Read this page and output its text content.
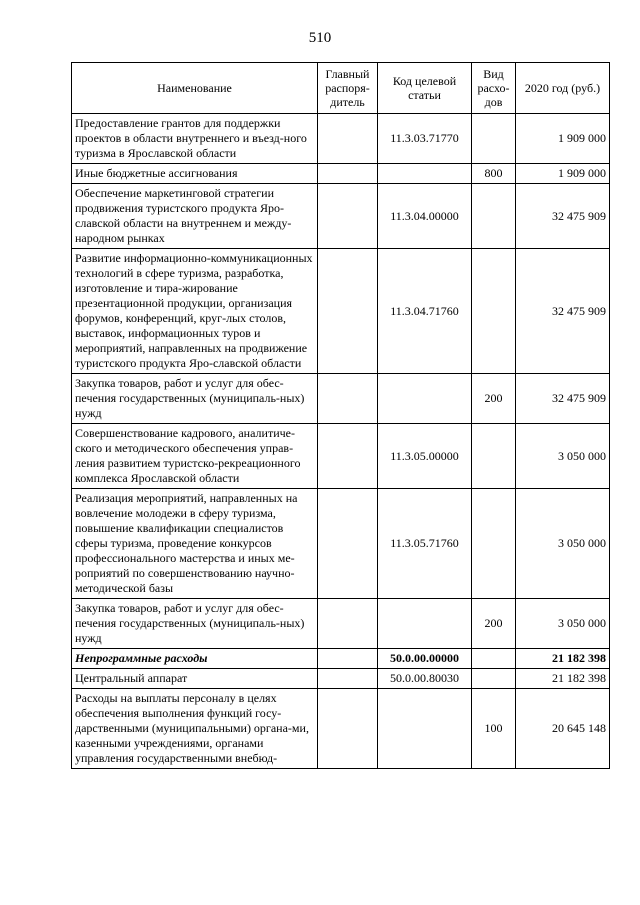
510
Наименование	Главный распоря-дитель	Код целевой статьи	Вид расхо-дов	2020 год (руб.)
Предоставление грантов для поддержки проектов в области внутреннего и въезд-ного туризма в Ярославской области		11.3.03.71770		1 909 000
Иные бюджетные ассигнования			800	1 909 000
Обеспечение маркетинговой стратегии продвижения туристского продукта Яро-славской области на внутреннем и между-народном рынках		11.3.04.00000		32 475 909
Развитие информационно-коммуникационных технологий в сфере туризма, разработка, изготовление и тира-жирование презентационной продукции, организация форумов, конференций, круг-лых столов, выставок, информационных туров и мероприятий, направленных на продвижение туристского продукта Яро-славской области		11.3.04.71760		32 475 909
Закупка товаров, работ и услуг для обес-печения государственных (муниципаль-ных) нужд			200	32 475 909
Совершенствование кадрового, аналитиче-ского и методического обеспечения управ-ления развитием туристско-рекреационного комплекса Ярославской области		11.3.05.00000		3 050 000
Реализация мероприятий, направленных на вовлечение молодежи в сферу туризма, повышение квалификации специалистов сферы туризма, проведение конкурсов профессионального мастерства и иных ме-роприятий по совершенствованию научно-методической базы		11.3.05.71760		3 050 000
Закупка товаров, работ и услуг для обес-печения государственных (муниципаль-ных) нужд			200	3 050 000
Непрограммные расходы		50.0.00.00000		21 182 398
Центральный аппарат		50.0.00.80030		21 182 398
Расходы на выплаты персоналу в целях обеспечения выполнения функций госу-дарственными (муниципальными) органа-ми, казенными учреждениями, органами управления государственными внебюд-			100	20 645 148
